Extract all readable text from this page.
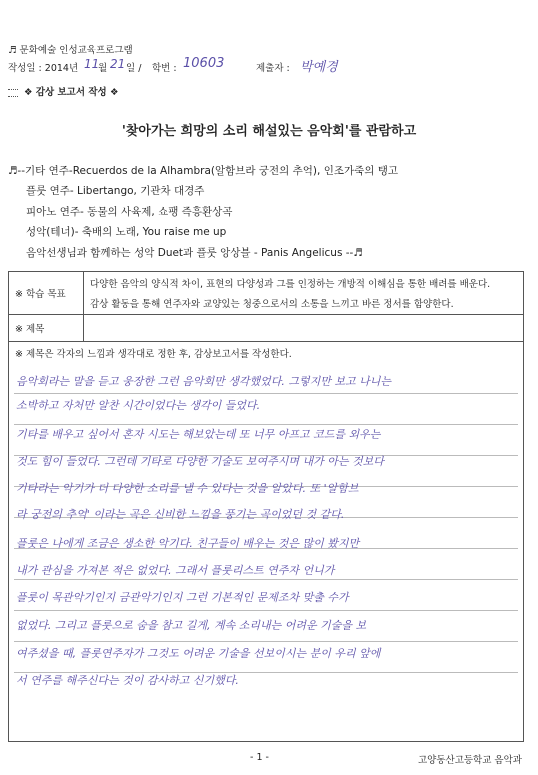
♬ 문화예술 인성교육프로그램
작성일 : 2014년 11
월 21 일 / 학번 : 10603	제출자 : 박예경
❖ 감상 보고서 작성 ❖
'찾아가는 희망의 소리 해설있는 음악회'를 관람하고
♬--기타 연주-Recuerdos de la Alhambra(알함브라 궁전의 추억), 인조가죽의 탱고
플룻 연주- Libertango, 기관차 대경주
피아노 연주- 동물의 사육제, 쇼팽 즉흥환상곡
성악(테너)- 축배의 노래, You raise me up
음악선생님과 함께하는 성악 Duet과 플룻 앙상블 - Panis Angelicus --♬
※ 학습 목표	다양한 음악의 양식적 차이, 표현의 다양성과 그를 인정하는 개방적 이해심을 통한 배려를 배운다.
감상 활동을 통해 연주자와 교양있는 청중으로서의 소통을 느끼고 바른 정서를 함양한다.

※ 제목	

※ 제목은 각자의 느낌과 생각대로 정한 후, 감상보고서를 작성한다.	
음악회라는 말을 듣고 웅장한 그런 음악회만 생각했었다. 그렇지만 보고 나니는
소박하고 자처만 알찬 시간이었다는 생각이 들었다.
기타를 배우고 싶어서 혼자 시도는 해보았는데 또 너무 아프고 코드를 외우는
것도 힘이 들었다. 그런데 기타로 다양한 기술도 보여주시며 내가 아는 것보다
기타라는 악기가 더 다양한 소리를 낼 수 있다는 것을 알았다. 또 '알함브
라 궁전의 추억' 이라는 곡은 신비한 느낌을 풍기는 곡이었던 것 같다.
플룻은 나에게 조금은 생소한 악기다. 친구들이 배우는 것은 많이 봤지만
내가 관심을 가져본 적은 없었다. 그래서 플룻리스트 연주자 언니가
플룻이 목관악기인지 금관악기인지 그런 기본적인 문제조차 맞출 수가
없었다. 그리고 플룻으로 숨을 참고 길게, 계속 소리내는 어려운 기술을 보
여주셨을 때, 플룻연주자가 그것도 어려운 기술을 선보이시는 분이 우리 앞에
서 연주를 해주신다는 것이 감사하고 신기했다.
- 1 -	고양동산고등학교 음악과
